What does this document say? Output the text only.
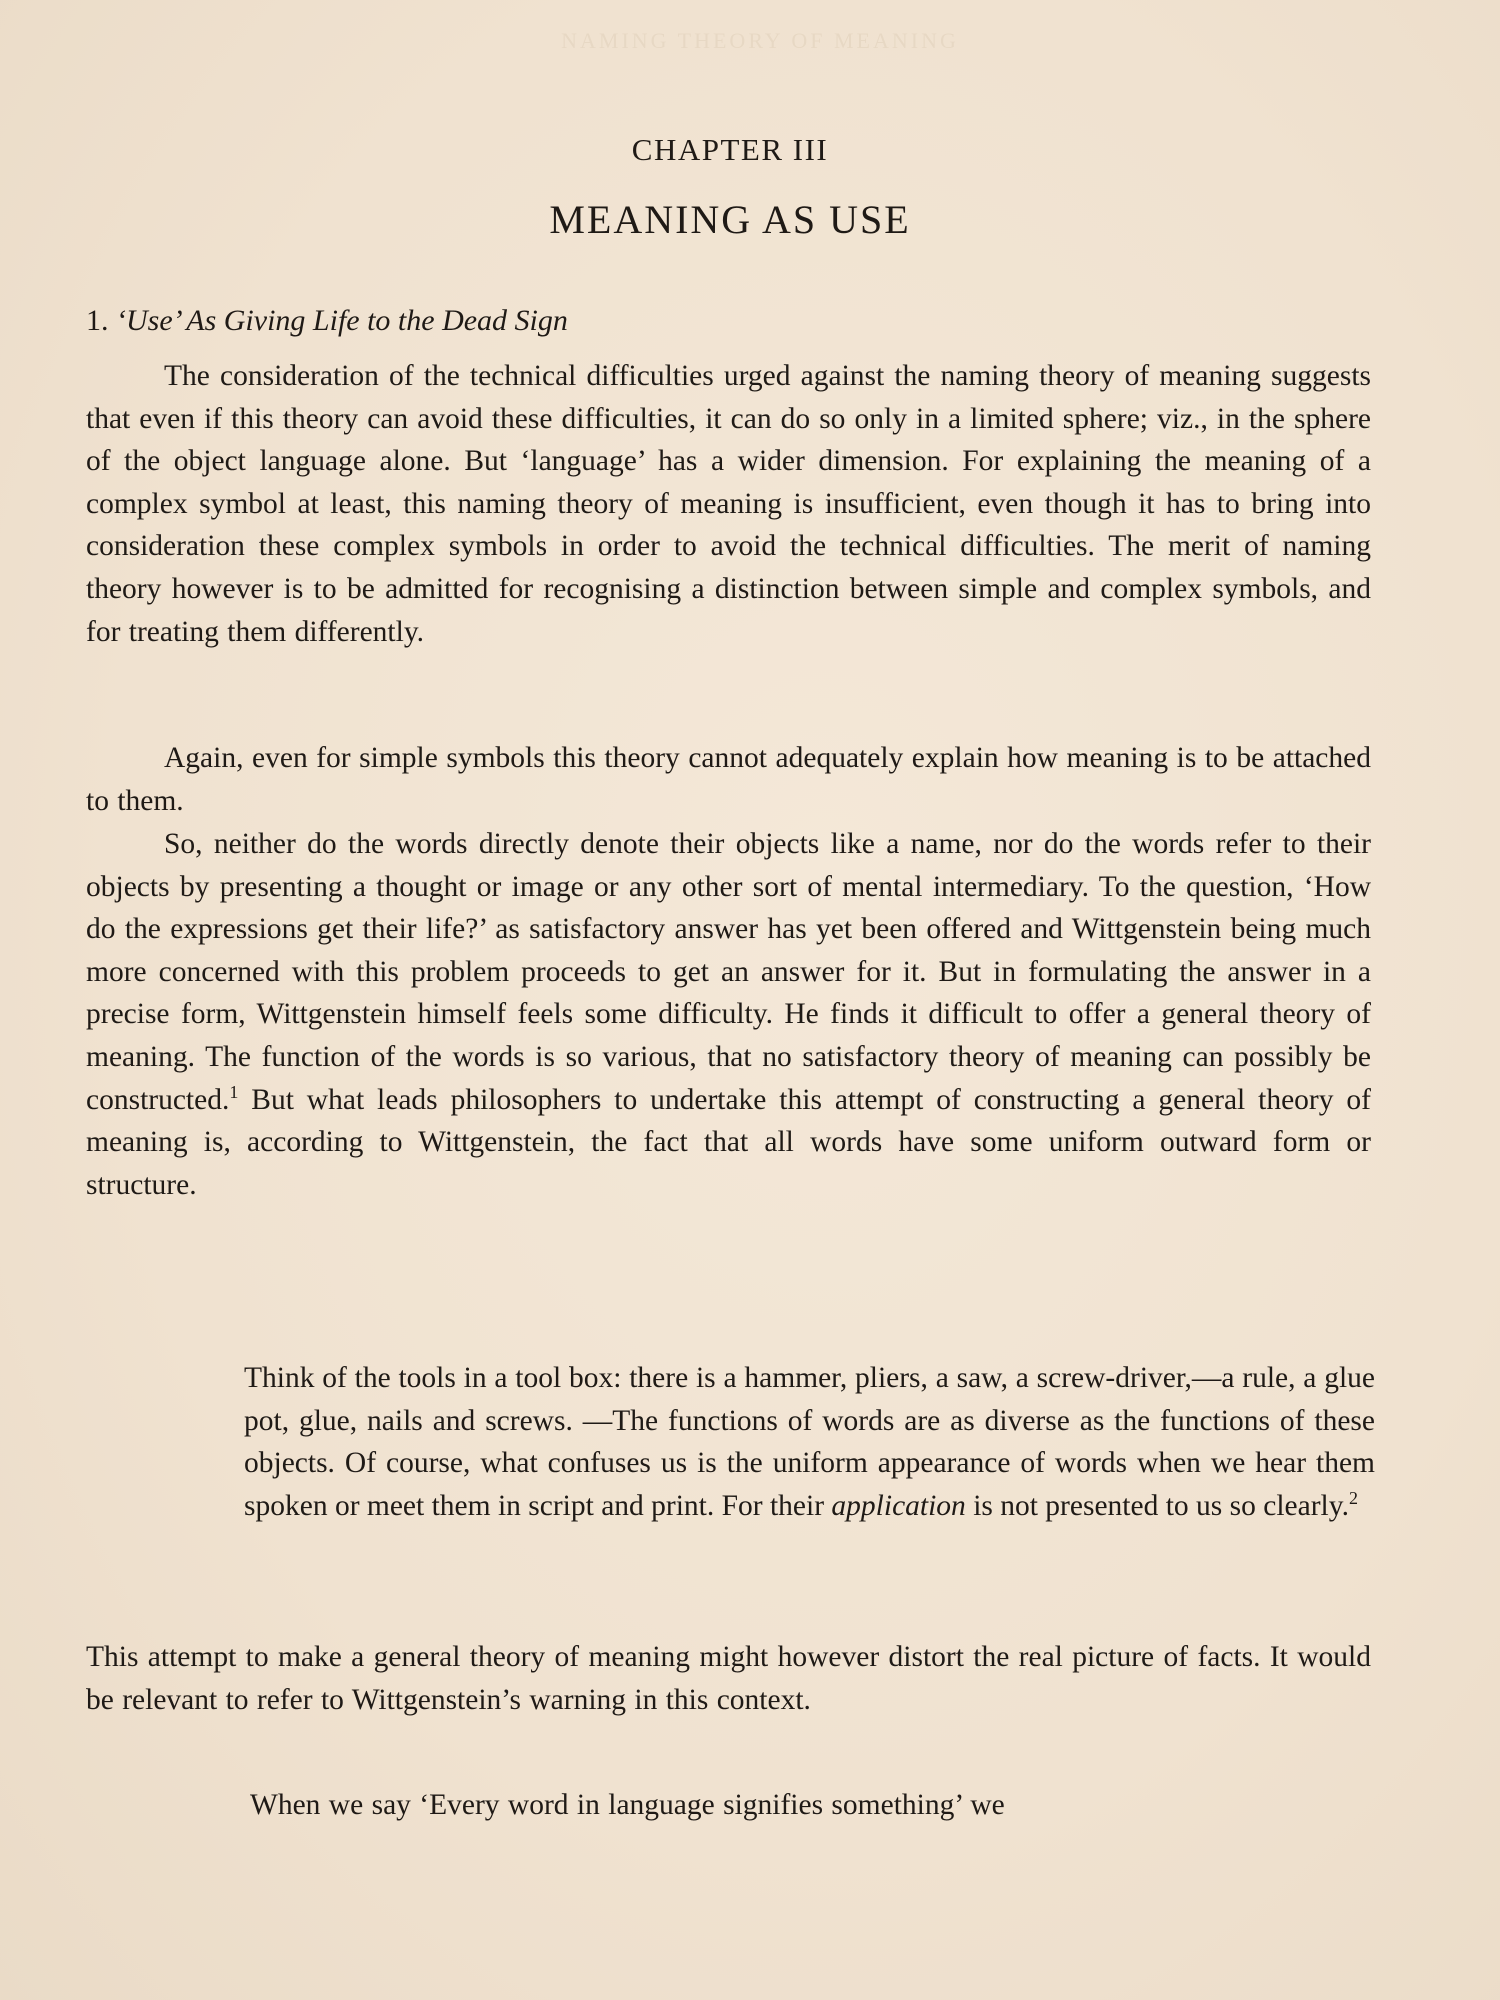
NAMING THEORY OF MEANING
CHAPTER III
MEANING AS USE
1. ‘Use’ As Giving Life to the Dead Sign

The consideration of the technical difficulties urged against the naming theory of meaning suggests that even if this theory can avoid these difficulties, it can do so only in a limited sphere; viz., in the sphere of the object language alone. But ‘language’ has a wider dimension. For explaining the meaning of a complex symbol at least, this naming theory of meaning is insufficient, even though it has to bring into consideration these complex symbols in order to avoid the technical difficulties. The merit of naming theory however is to be admitted for recognising a distinction between simple and complex symbols, and for treating them differently.

Again, even for simple symbols this theory cannot adequately explain how meaning is to be attached to them.

So, neither do the words directly denote their objects like a name, nor do the words refer to their objects by presenting a thought or image or any other sort of mental intermediary. To the question, ‘How do the expressions get their life?’ as satisfactory answer has yet been offered and Wittgenstein being much more concerned with this problem proceeds to get an answer for it. But in formulating the answer in a precise form, Wittgenstein himself feels some difficulty. He finds it difficult to offer a general theory of meaning. The function of the words is so various, that no satisfactory theory of meaning can possibly be constructed.$^1$ But what leads philosophers to undertake this attempt of constructing a general theory of meaning is, according to Wittgenstein, the fact that all words have some uniform outward form or structure.

Think of the tools in a tool box: there is a hammer, pliers, a saw, a screw-driver,—a rule, a glue pot, glue, nails and screws. —The functions of words are as diverse as the functions of these objects. Of course, what confuses us is the uniform appearance of words when we hear them spoken or meet them in script and print. For their application is not presented to us so clearly.$^2$

This attempt to make a general theory of meaning might however distort the real picture of facts. It would be relevant to refer to Wittgenstein’s warning in this context.

When we say ‘Every word in language signifies something’ we
